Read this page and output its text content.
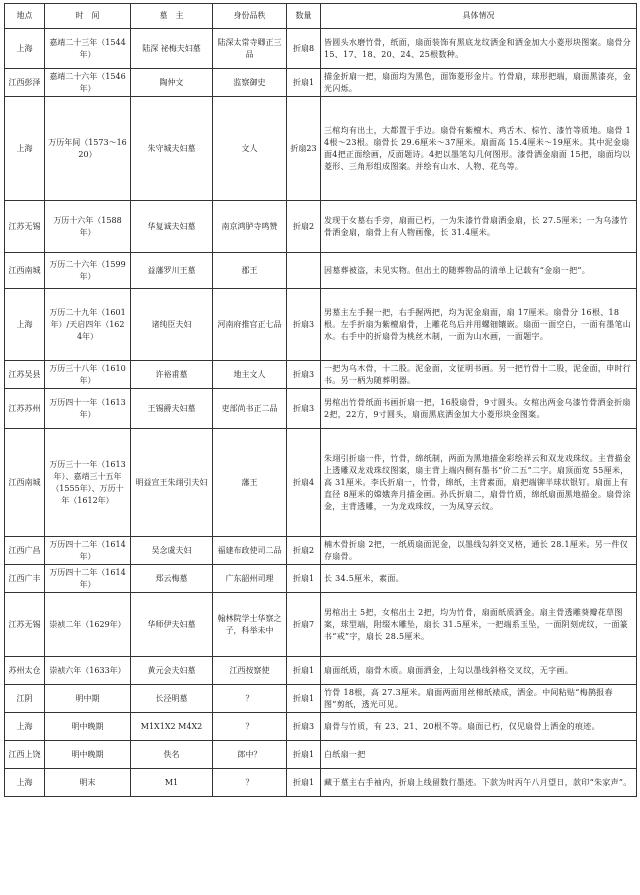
地点	时　间	墓　主	身份品秩	数量	具体情况
上海	嘉靖二十三年（1544年）	陆深 祕梅夫妇墓	陆深太常寺卿正三品	折扇8	皆圆头水磨竹骨，纸面，扇面装饰有黑底龙纹洒金和洒金加大小菱形块图案。扇骨分 15、17、18、20、24、25根数种。
江西彭泽	嘉靖二十六年（1546年）	陶仲文	监察御史	折扇1	描金折扇一把，扇面均为黑色，面饰菱形金片。竹骨扇，球形把端，扇面黑漆亮，金光闪烁。
上海	万历年间（1573～1620）	朱守城夫妇墓	文人	折扇23	三棺均有出土，大都置于手边。扇骨有紫檀木、鸡舌木、棕竹、漆竹等质地。扇骨 14根～23根。扇骨长 29.6厘米～37厘米。扇面高 15.4厘米～19厘米。其中泥金扇面4把正面绘画，反面题诗。4把以墨笔勾几何图形。漆骨洒金扇面 15把，扇面均以菱形、三角形组成图案。并绘有山水、人物、花鸟等。
江苏无锡	万历十六年（1588年）	华复诚夫妇墓	南京鸿胪寺鸣赞	折扇2	发现于女墓右手旁，扇面已朽，一为朱漆竹骨扇洒金扇，长 27.5厘米；一为乌漆竹骨洒金扇，扇骨上有人物画像，长 31.4厘米。
江西南城	万历二十六年（1599年）	益藩罗川王墓	郡王		因墓葬被盗，未见实物。但出土的随葬物品的清单上记载有“金扇一把”。
上海	万历二十九年（1601年）/天启四年（1624年）	诸纯臣夫妇	河南府推官正七品	折扇3	男墓主左手握一把，右手握两把，均为泥金扇面，扇 17厘米。扇骨分 16根、18根。左手折扇为紫檀扇骨，上雕花鸟后并用螺钿镶嵌。扇面一面空白，一面有墨笔山水。右手中的折扇骨为桃丝木制，一面为山水画，一面题字。
江苏吴县	万历三十八年（1610年）	许裕甫墓	地主文人	折扇3	一把为乌木骨，十二股。泥金面，文征明书画。另一把竹骨十二股，泥金面，申时行书。另一柄为随葬明器。
江苏苏州	万历四十一年（1613年）	王锡爵夫妇墓	吏部尚书正二品	折扇3	男棺出竹骨纸面书画折扇一把，16股扇骨，9寸圆头。女棺出两金乌漆竹骨洒金折扇 2把，22方，9寸圆头，扇面黑底洒金加大小菱形块金图案。
江西南城	万历三十一年（1613年）、嘉靖三十五年（1555年）、万历十年（1612年）	明益宣王朱翊引夫妇	藩王	折扇4	朱翊引折扇一件，竹骨，绵纸制，两面为黑地描金彩绘祥云和双龙戏珠纹。主背描金上透雕双龙戏珠纹图案，扇主背上端内侧有墨书“价二五”二字。扇顶面宽 55厘米，高 31厘米。李氏折扇一，竹骨，绵纸，主背素面，扇把端铆半球状银钉。扇面上有直径 8厘米的嫦娥奔月描金画。孙氏折扇二，扇骨竹质，绵纸扇面黑地描金。扇骨涂金，主背透雕，一为龙戏珠纹，一为凤穿云纹。
江西广昌	万历四十二年（1614年）	吴念虞夫妇	福建布政使司二品	折扇2	楠木骨折扇 2把，一纸质扇面泥金，以墨线勾斜交叉格，通长 28.1厘米。另一件仅存扇骨。
江西广丰	万历四十二年（1614年）	郑云梅墓	广东韶州司理	折扇1	长 34.5厘米，素面。
江苏无锡	崇祯二年（1629年）	华师伊夫妇墓	翰林院学士华察之子，科举未中	折扇7	男棺出土 5把，女棺出土 2把，均为竹骨，扇面纸质洒金。扇主骨透雕葵瓣花草图案，球型端，附缀木雕坠，扇长 31.5厘米，一把端系玉坠，一面阴刻虎纹，一面篆书“戒”字，扇长 28.5厘米。
苏州太仓	崇祯六年（1633年）	黄元会夫妇墓	江西按察使	折扇1	扇面纸质，扇骨木质。扇面洒金，上勾以墨线斜格交叉纹，无字画。
江阴	明中期	长泾明墓	？	折扇1	竹骨 18根，高 27.3厘米。扇面两面用丝棉纸裱成，洒金。中间粘贴“梅鹊报春图”剪纸，透光可见。
上海	明中晚期	M1X1X2 M4X2	？	折扇3	扇骨与竹质，有 23、21、20根不等。扇面已朽，仅见扇骨上洒金的痕迹。
江西上饶	明中晚期	佚名	郎中？	折扇1	白纸扇一把
上海	明末	M1	？	折扇1	藏于墓主右手袖内，折扇上线留数行墨迹。下款为时丙午八月望日，款印“朱家声”。
